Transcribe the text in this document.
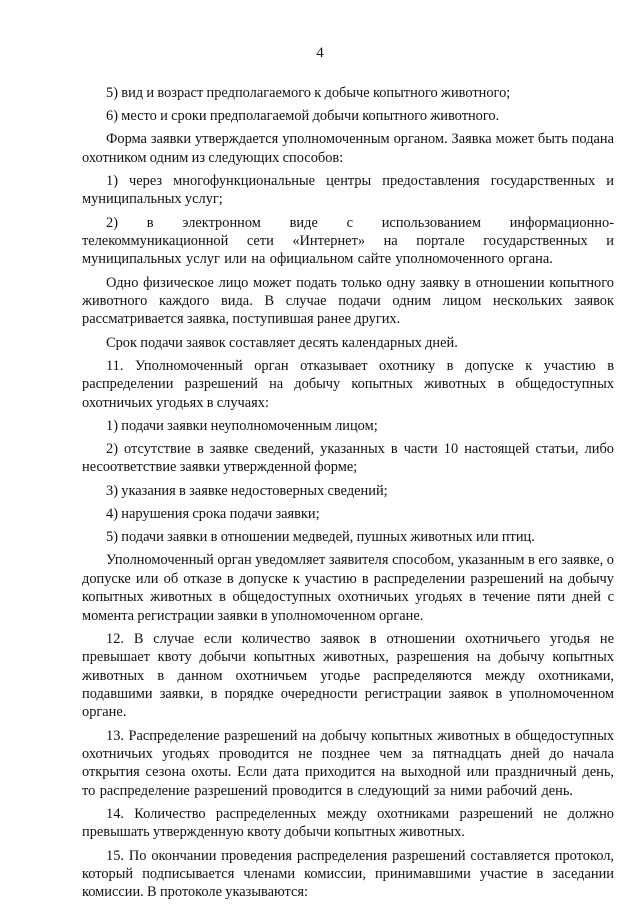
4

5) вид и возраст предполагаемого к добыче копытного животного;

6) место и сроки предполагаемой добычи копытного животного.

Форма заявки утверждается уполномоченным органом. Заявка может быть подана охотником одним из следующих способов:

1) через многофункциональные центры предоставления государственных и муниципальных услуг;

2) в электронном виде с использованием информационно-телекоммуникационной сети «Интернет» на портале государственных и муниципальных услуг или на официальном сайте уполномоченного органа.

Одно физическое лицо может подать только одну заявку в отношении копытного животного каждого вида. В случае подачи одним лицом нескольких заявок рассматривается заявка, поступившая ранее других.

Срок подачи заявок составляет десять календарных дней.

11. Уполномоченный орган отказывает охотнику в допуске к участию в распределении разрешений на добычу копытных животных в общедоступных охотничьих угодьях в случаях:

1) подачи заявки неуполномоченным лицом;

2) отсутствие в заявке сведений, указанных в части 10 настоящей статьи, либо несоответствие заявки утвержденной форме;

3) указания в заявке недостоверных сведений;

4) нарушения срока подачи заявки;

5) подачи заявки в отношении медведей, пушных животных или птиц.

Уполномоченный орган уведомляет заявителя способом, указанным в его заявке, о допуске или об отказе в допуске к участию в распределении разрешений на добычу копытных животных в общедоступных охотничьих угодьях в течение пяти дней с момента регистрации заявки в уполномоченном органе.

12. В случае если количество заявок в отношении охотничьего угодья не превышает квоту добычи копытных животных, разрешения на добычу копытных животных в данном охотничьем угодье распределяются между охотниками, подавшими заявки, в порядке очередности регистрации заявок в уполномоченном органе.

13. Распределение разрешений на добычу копытных животных в общедоступных охотничьих угодьях проводится не позднее чем за пятнадцать дней до начала открытия сезона охоты. Если дата приходится на выходной или праздничный день, то распределение разрешений проводится в следующий за ними рабочий день.

14. Количество распределенных между охотниками разрешений не должно превышать утвержденную квоту добычи копытных животных.

15. По окончании проведения распределения разрешений составляется протокол, который подписывается членами комиссии, принимавшими участие в заседании комиссии. В протоколе указываются:
